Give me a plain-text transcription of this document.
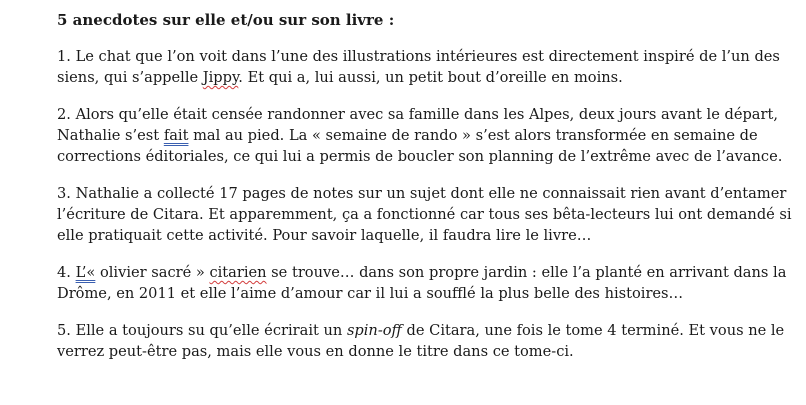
5 anecdotes sur elle et/ou sur son livre :

1. Le chat que l’on voit dans l’une des illustrations intérieures est directement inspiré de l’un des siens, qui s’appelle Jippy. Et qui a, lui aussi, un petit bout d’oreille en moins.

2. Alors qu’elle était censée randonner avec sa famille dans les Alpes, deux jours avant le départ, Nathalie s’est fait mal au pied. La « semaine de rando » s’est alors transformée en semaine de corrections éditoriales, ce qui lui a permis de boucler son planning de l’extrême avec de l’avance.

3. Nathalie a collecté 17 pages de notes sur un sujet dont elle ne connaissait rien avant d’entamer l’écriture de Citara. Et apparemment, ça a fonctionné car tous ses bêta-lecteurs lui ont demandé si elle pratiquait cette activité. Pour savoir laquelle, il faudra lire le livre…

4. L’« olivier sacré » citarien se trouve… dans son propre jardin : elle l’a planté en arrivant dans la Drôme, en 2011 et elle l’aime d’amour car il lui a soufflé la plus belle des histoires…

5. Elle a toujours su qu’elle écrirait un spin-off de Citara, une fois le tome 4 terminé. Et vous ne le verrez peut-être pas, mais elle vous en donne le titre dans ce tome-ci.
